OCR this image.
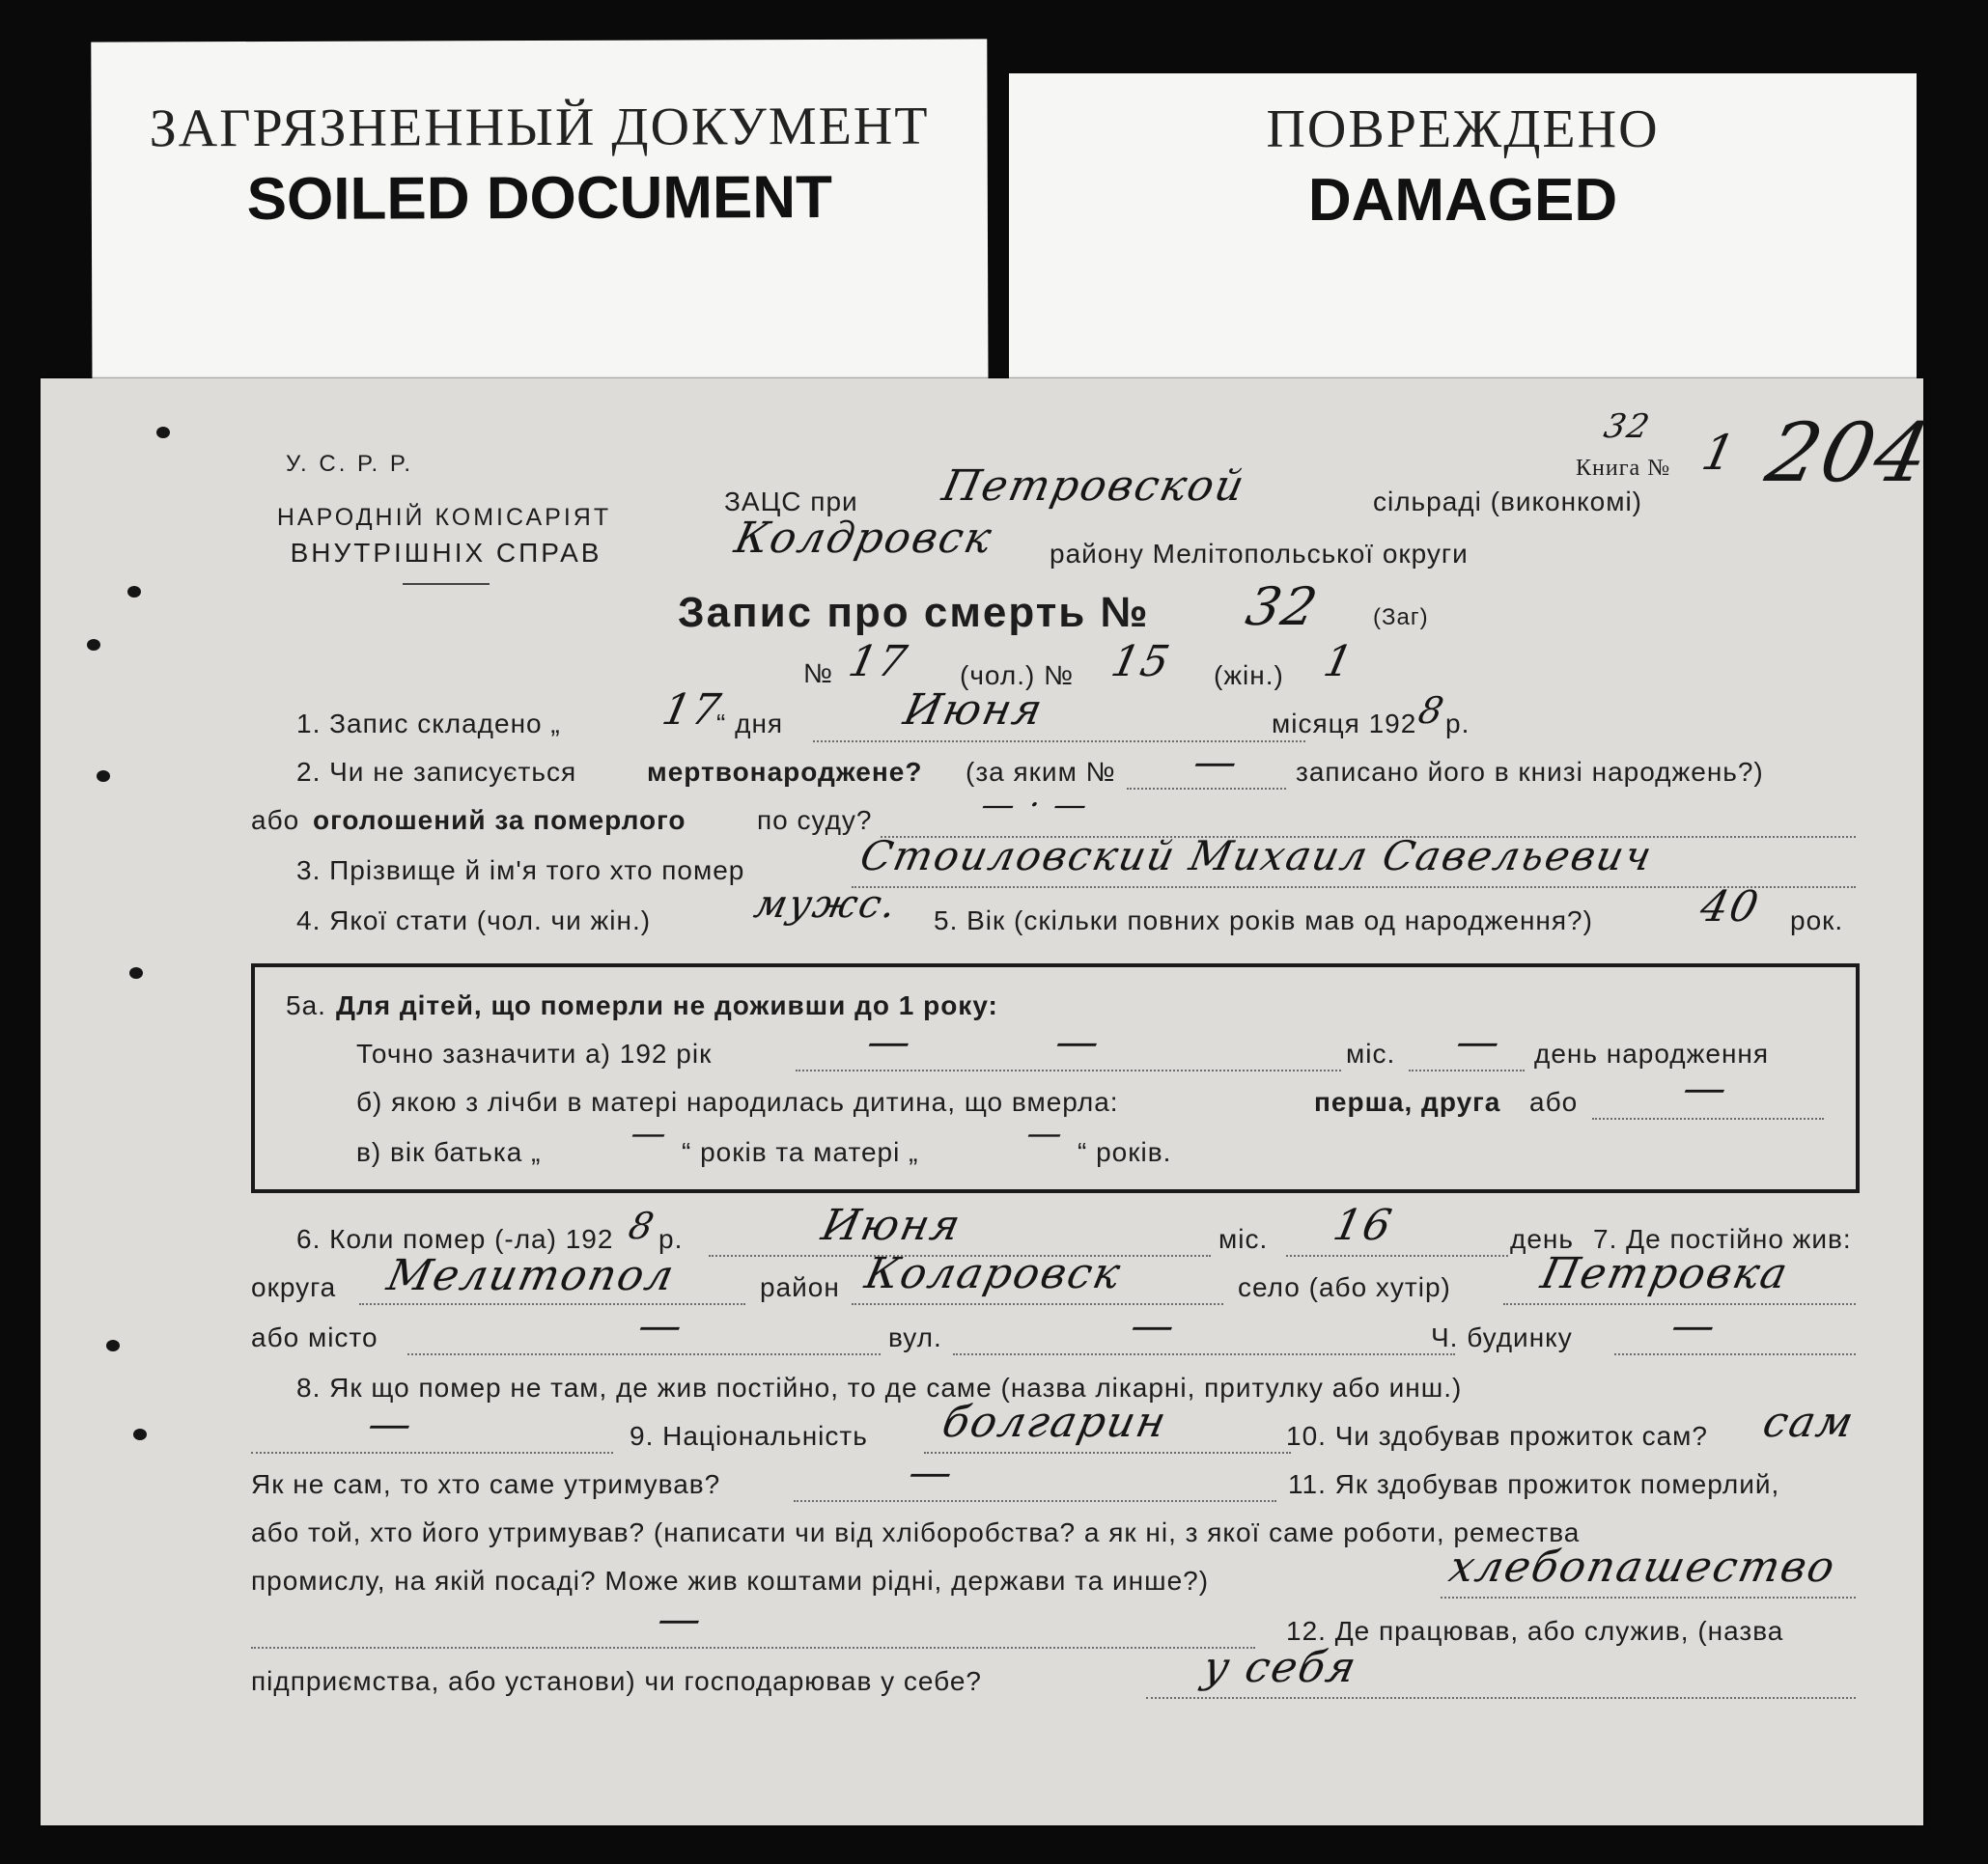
ЗАГРЯЗНЕННЫЙ ДОКУМЕНТ
SOILED DOCUMENT
ПОВРЕЖДЕНО
DAMAGED
У. С. Р. Р.
НАРОДНІЙ КОМІСАРІЯТ
ВНУТРІШНІХ СПРАВ
Книга №
32 1 204
ЗАЦС при Петровской	сільраді (виконкомі)
Колдровск району Мелітопольської округи
Запис про смерть № 32 (Заг)
№ 17 (чол.) № 15 (жін.) 1
1. Запис складено „ 17
“ дня	Июня	місяця 192
8
р.
2. Чи не записується	мертвонароджене? (за яким № — записано його в книзі народжень?)
або оголошений за померлого	по суду?	— · —
3. Прізвище й ім'я того хто помер	Стоиловский Михаил Савельевич
4. Якої стати (чол. чи жін.)	мужс. 5. Вік (скільки повних років мав од народження?) 40 рок.
5а. Для дітей, що померли не доживши до 1 року:
Точно зазначити а) 192 рік	—	—	міс. — день народження
б) якою з лічби в матері народилась дитина, що вмерла:	перша, друга або —
в) вік батька „ — “ років та матері „	— “ років.
6. Коли помер (-ла) 192 8 р.	Июня	міс. 16	день 7. Де постійно жив:
округа Мелитопол	район Коларовск	село (або хутір) Петровка
або місто	—	вул.	—	Ч. будинку —
8. Як що помер не там, де жив постійно, то де саме (назва лікарні, притулку або инш.)
—	9. Національність болгарин	10. Чи здобував прожиток сам? сам
Як не сам, то хто саме утримував?	—	11. Як здобував прожиток померлий,
або той, хто його утримував? (написати чи від хліборобства? а як ні, з якої саме роботи, ремества
промислу, на якій посаді? Може жив коштами рідні, держави та инше?)	хлебопашество
—	12. Де працював, або служив, (назва
підприємства, або установи) чи господарював у себе?	у себя
